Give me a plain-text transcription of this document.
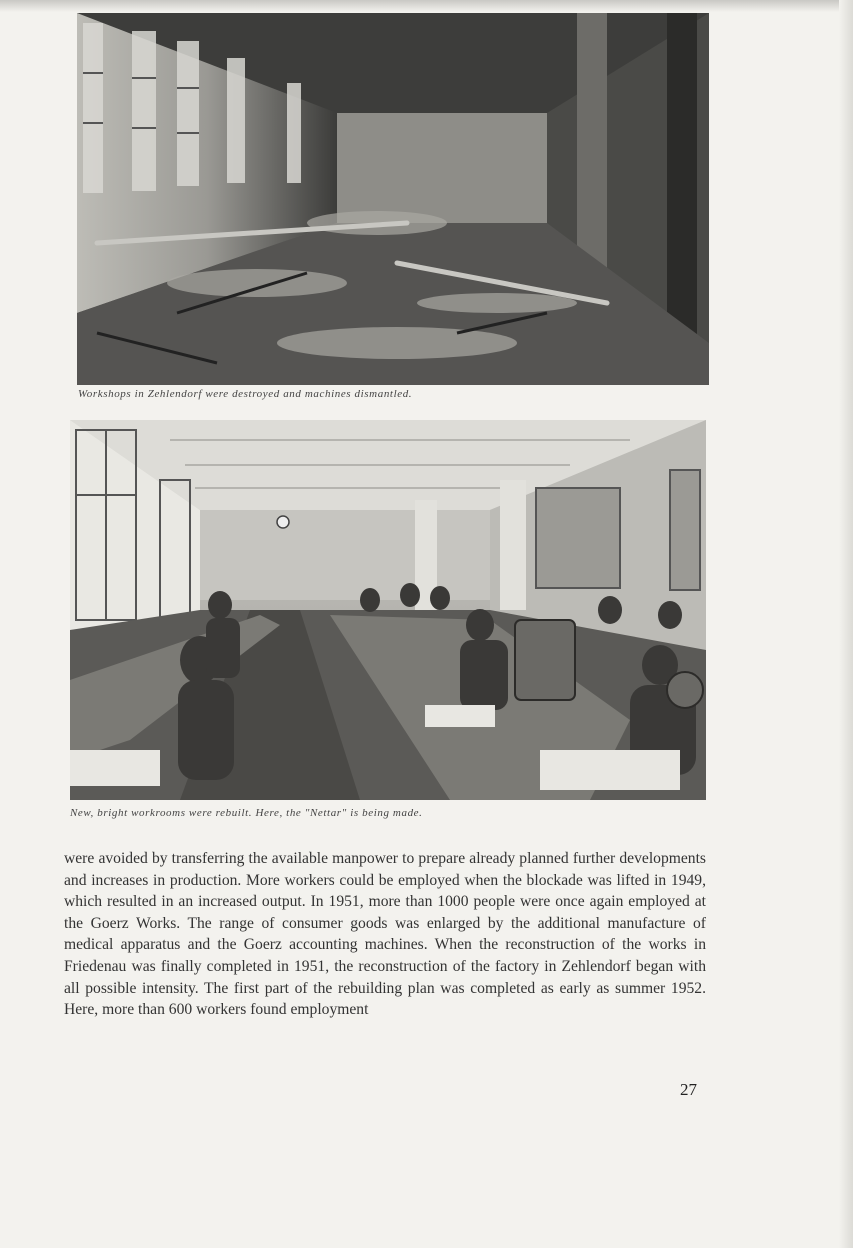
Workshops in Zehlendorf were destroyed and machines dismantled.
New, bright workrooms were rebuilt. Here, the "Nettar" is being made.

were avoided by transferring the available manpower to prepare already planned further developments and increases in production. More workers could be employed when the blockade was lifted in 1949, which resulted in an increased output. In 1951, more than 1000 people were once again employed at the Goerz Works. The range of consumer goods was enlarged by the additional manufacture of medical apparatus and the Goerz accounting machines. When the reconstruction of the works in Friedenau was finally completed in 1951, the reconstruction of the factory in Zehlendorf began with all possible intensity. The first part of the rebuilding plan was completed as early as summer 1952. Here, more than 600 workers found employment

27
